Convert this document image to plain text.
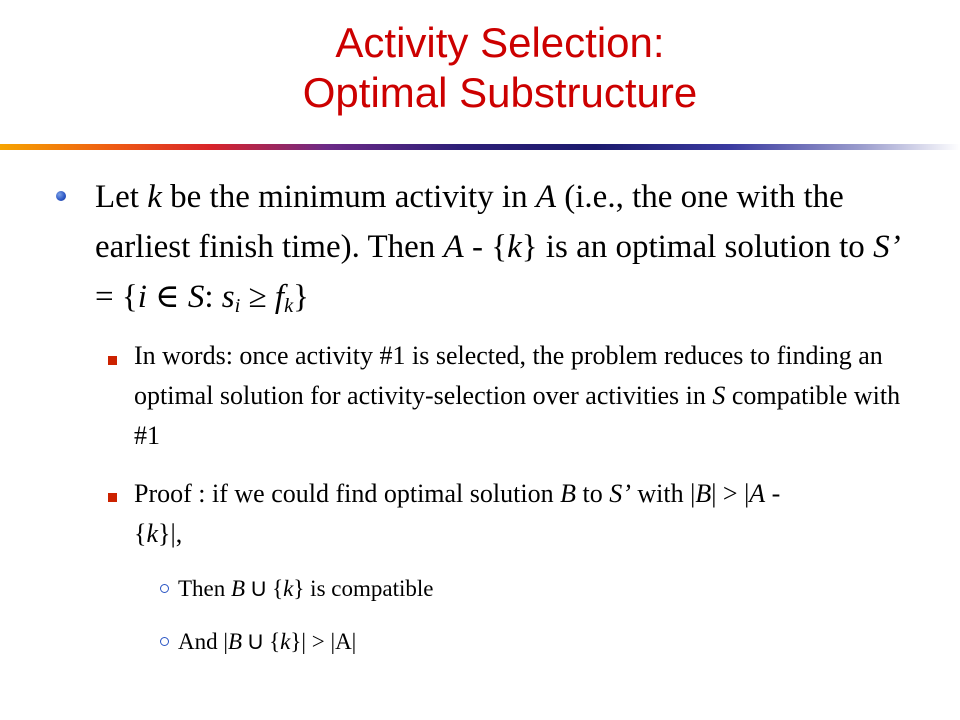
Activity Selection:
Optimal Substructure
Let k be the minimum activity in A (i.e., the one with the earliest finish time). Then A - {k} is an optimal solution to S’ = {i ∈ S: $s_i \ge f_k$}
In words: once activity #1 is selected, the problem reduces to finding an optimal solution for activity-selection over activities in S compatible with #1
Proof : if we could find optimal solution B to S’ with |B| > |A - {k}|,
Then B U {k} is compatible
And |B U {k}| > |A|
